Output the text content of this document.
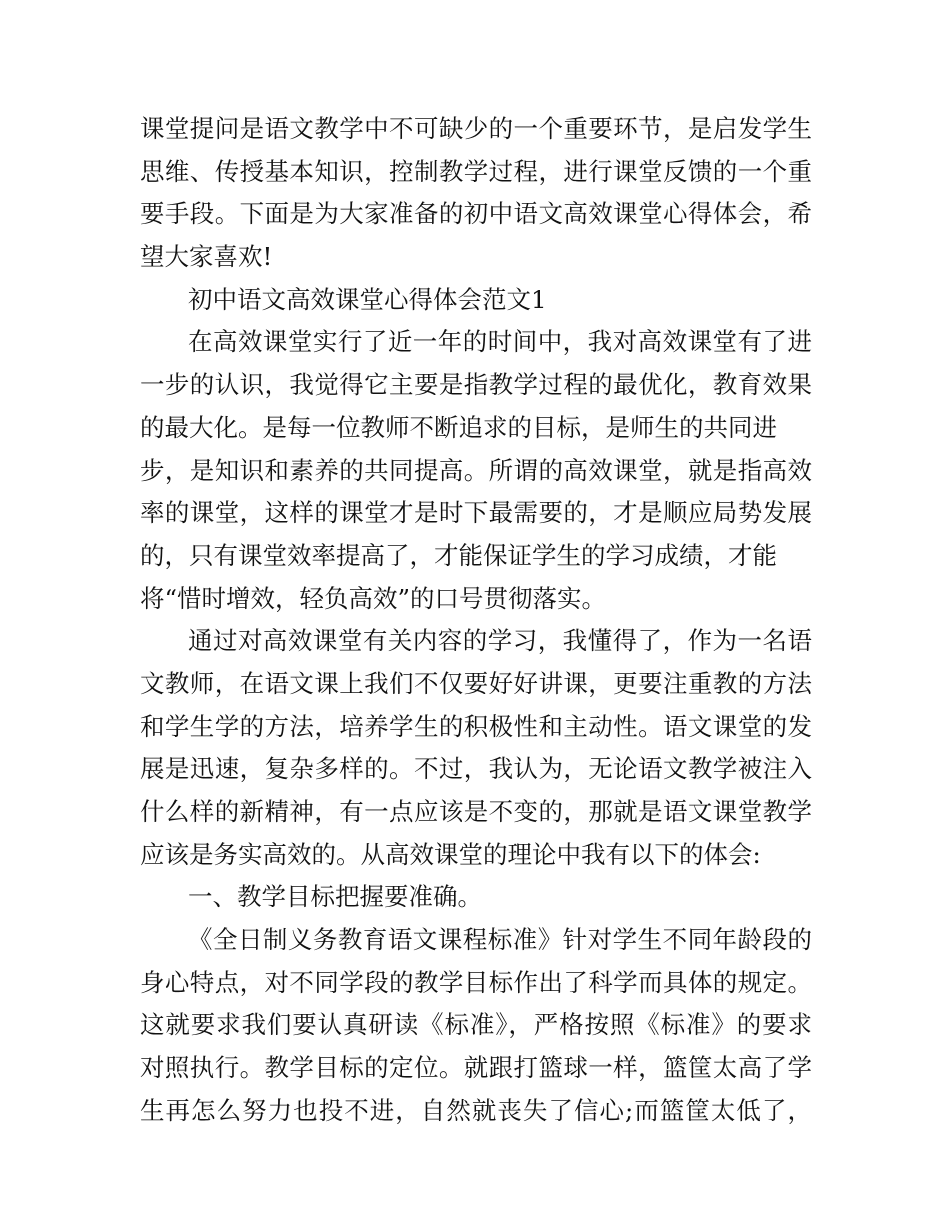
课堂提问是语文教学中不可缺少的一个重要环节，是启发学生
思维、传授基本知识，控制教学过程，进行课堂反馈的一个重
要手段。下面是为大家准备的初中语文高效课堂心得体会，希
望大家喜欢!
初中语文高效课堂心得体会范文1
在高效课堂实行了近一年的时间中，我对高效课堂有了进
一步的认识，我觉得它主要是指教学过程的最优化，教育效果
的最大化。是每一位教师不断追求的目标，是师生的共同进
步，是知识和素养的共同提高。所谓的高效课堂，就是指高效
率的课堂，这样的课堂才是时下最需要的，才是顺应局势发展
的，只有课堂效率提高了，才能保证学生的学习成绩，才能
将“惜时增效，轻负高效”的口号贯彻落实。
通过对高效课堂有关内容的学习，我懂得了，作为一名语
文教师，在语文课上我们不仅要好好讲课，更要注重教的方法
和学生学的方法，培养学生的积极性和主动性。语文课堂的发
展是迅速，复杂多样的。不过，我认为，无论语文教学被注入
什么样的新精神，有一点应该是不变的，那就是语文课堂教学
应该是务实高效的。从高效课堂的理论中我有以下的体会:
一、教学目标把握要准确。
《全日制义务教育语文课程标准》针对学生不同年龄段的
身心特点，对不同学段的教学目标作出了科学而具体的规定。
这就要求我们要认真研读《标准》，严格按照《标准》的要求
对照执行。教学目标的定位。就跟打篮球一样，篮筐太高了学
生再怎么努力也投不进，自然就丧失了信心;而篮筐太低了，
